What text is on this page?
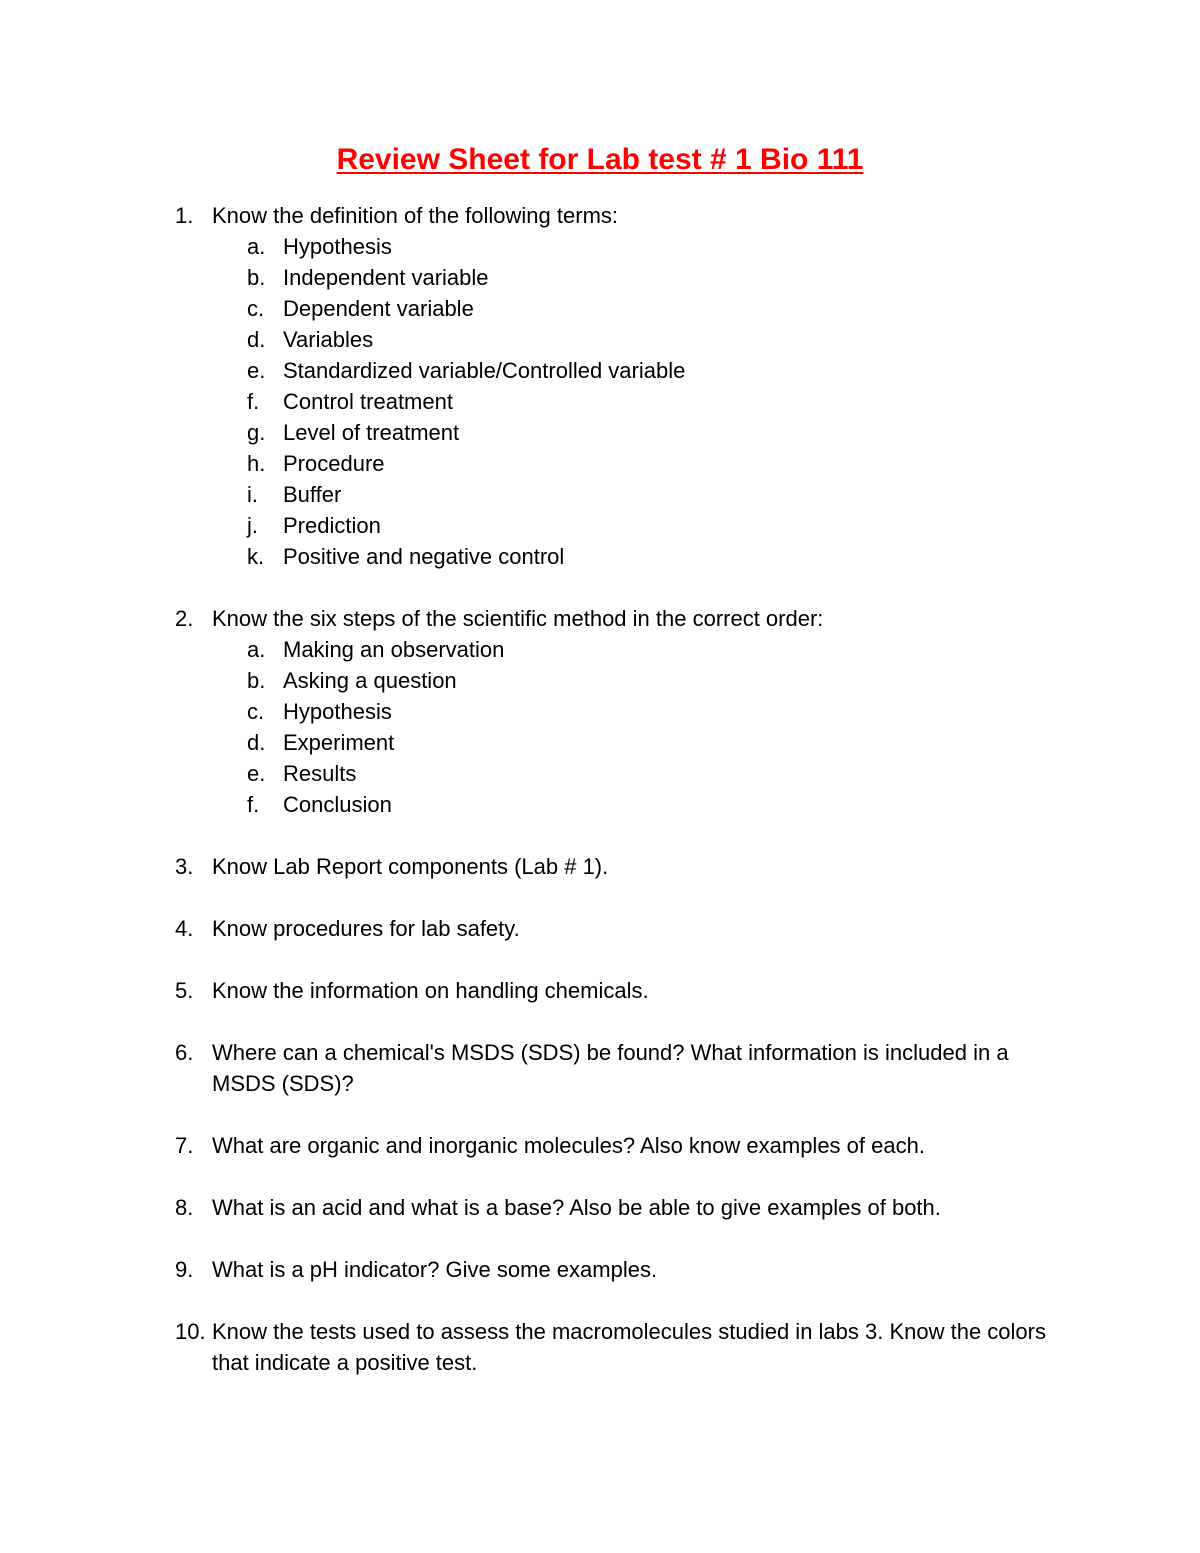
Review Sheet for Lab test # 1 Bio 111
1. Know the definition of the following terms:
a. Hypothesis
b. Independent variable
c. Dependent variable
d. Variables
e. Standardized variable/Controlled variable
f. Control treatment
g. Level of treatment
h. Procedure
i. Buffer
j. Prediction
k. Positive and negative control
2. Know the six steps of the scientific method in the correct order:
a. Making an observation
b. Asking a question
c. Hypothesis
d. Experiment
e. Results
f. Conclusion
3. Know Lab Report components (Lab # 1).
4. Know procedures for lab safety.
5. Know the information on handling chemicals.
6. Where can a chemical's MSDS (SDS) be found? What information is included in a MSDS (SDS)?
7. What are organic and inorganic molecules? Also know examples of each.
8. What is an acid and what is a base? Also be able to give examples of both.
9. What is a pH indicator? Give some examples.
10. Know the tests used to assess the macromolecules studied in labs 3. Know the colors that indicate a positive test.
